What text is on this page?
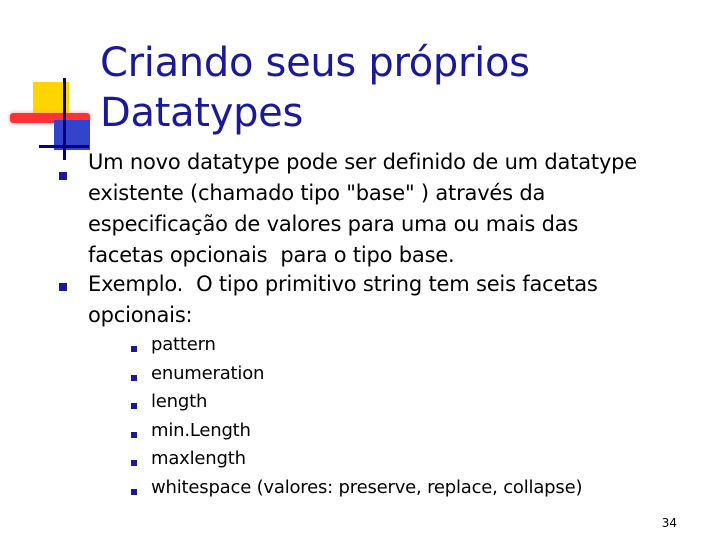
Criando seus próprios Datatypes
Um novo datatype pode ser definido de um datatype
existente (chamado tipo "base" ) através da
especificação de valores para uma ou mais das
facetas opcionais  para o tipo base.
Exemplo.  O tipo primitivo string tem seis facetas
opcionais:
pattern
enumeration
length
min.Length
maxlength
whitespace (valores: preserve, replace, collapse)
34
